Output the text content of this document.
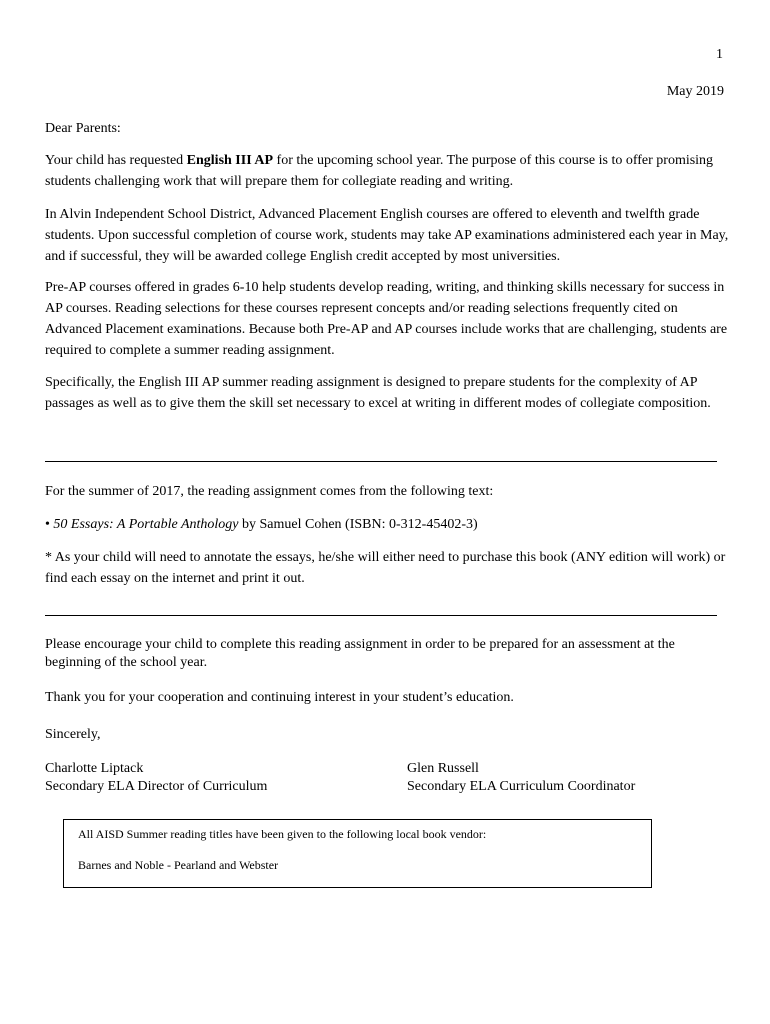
1
May 2019
Dear Parents:
Your child has requested English III AP for the upcoming school year. The purpose of this course is to offer promising students challenging work that will prepare them for collegiate reading and writing.
In Alvin Independent School District, Advanced Placement English courses are offered to eleventh and twelfth grade students. Upon successful completion of course work, students may take AP examinations administered each year in May, and if successful, they will be awarded college English credit accepted by most universities.
Pre-AP courses offered in grades 6-10 help students develop reading, writing, and thinking skills necessary for success in AP courses. Reading selections for these courses represent concepts and/or reading selections frequently cited on Advanced Placement examinations. Because both Pre-AP and AP courses include works that are challenging, students are required to complete a summer reading assignment.
Specifically, the English III AP summer reading assignment is designed to prepare students for the complexity of AP passages as well as to give them the skill set necessary to excel at writing in different modes of collegiate composition.
For the summer of 2017, the reading assignment comes from the following text:
• 50 Essays: A Portable Anthology by Samuel Cohen (ISBN: 0-312-45402-3)
* As your child will need to annotate the essays, he/she will either need to purchase this book (ANY edition will work) or find each essay on the internet and print it out.
Please encourage your child to complete this reading assignment in order to be prepared for an assessment at the beginning of the school year.
Thank you for your cooperation and continuing interest in your student’s education.
Sincerely,
Charlotte Liptack
Secondary ELA Director of Curriculum
Glen Russell
Secondary ELA Curriculum Coordinator
All AISD Summer reading titles have been given to the following local book vendor:
Barnes and Noble - Pearland and Webster
